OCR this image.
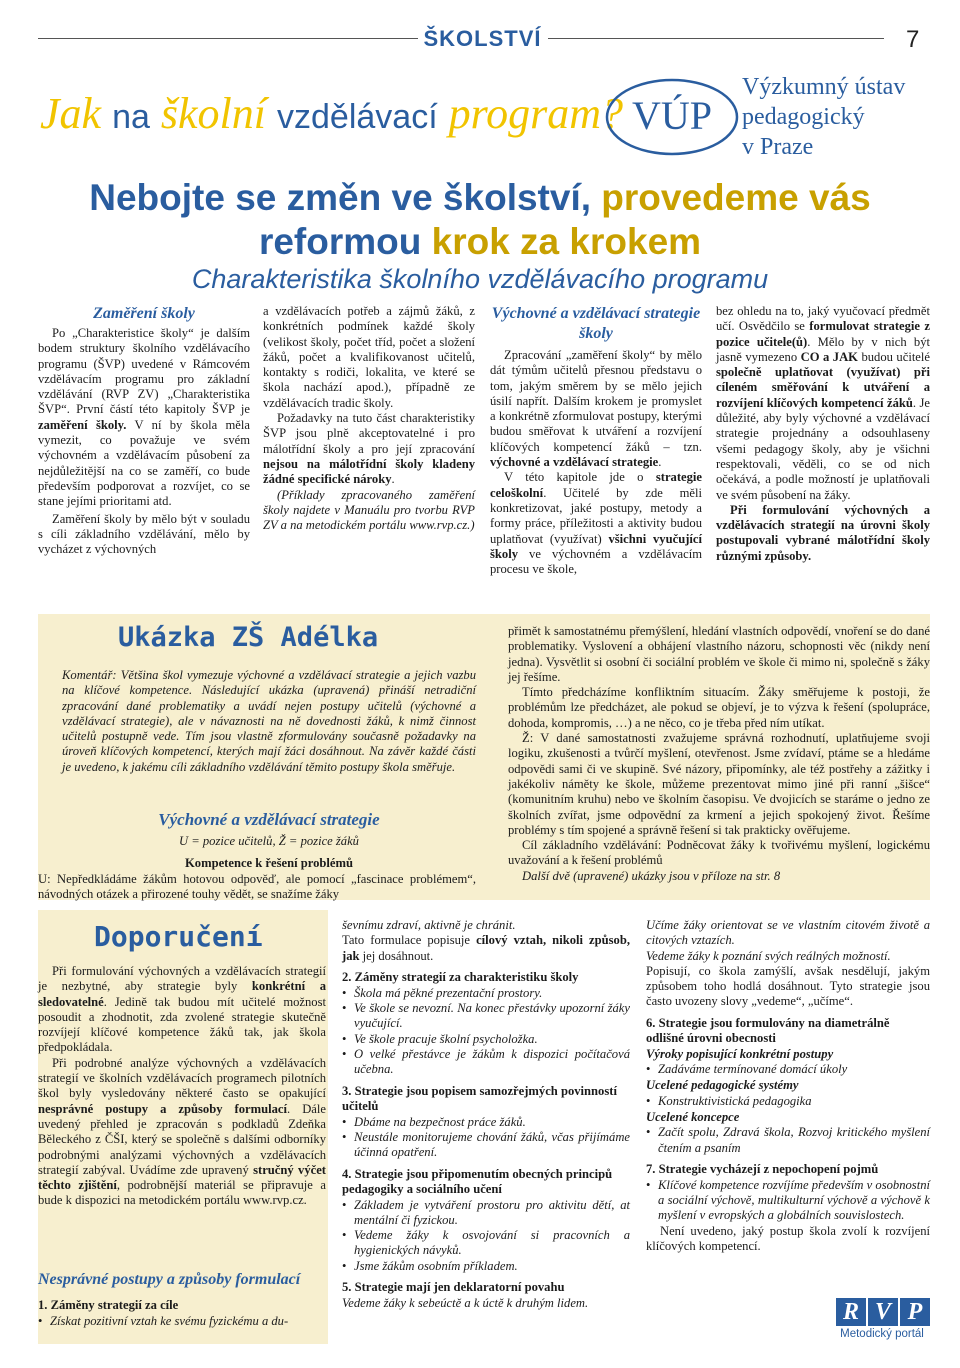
ŠKOLSTVÍ	7
Jak na školní vzdělávací program? VÚP
Výzkumný ústav
pedagogický
v Praze
Nebojte se změn ve školství, provedeme vás
reformou krok za krokem
Charakteristika školního vzdělávacího programu
Zaměření školy

Po „Charakteristice školy“ je dalším bodem struktury školního vzdělávacího programu (ŠVP) uvedené v Rámcovém vzdělávacím programu pro základní vzdělávání (RVP ZV) „Charakteristika ŠVP“. První částí této kapitoly ŠVP je zaměření školy. V ní by škola měla vymezit, co považuje ve svém výchovném a vzdělávacím působení za nejdůležitější na co se zaměří, co bude především podporovat a rozvíjet, co se stane jejími prioritami atd.

Zaměření školy by mělo být v souladu s cíli základního vzdělávání, mělo by vycházet z výchovných

a vzdělávacích potřeb a zájmů žáků, z konkrétních podmínek každé školy (velikost školy, počet tříd, počet a složení žáků, počet a kvalifikovanost učitelů, kontakty s rodiči, lokalita, ve které se škola nachází apod.), případně ze vzdělávacích tradic školy.

Požadavky na tuto část charakteristiky ŠVP jsou plně akceptovatelné i pro málotřídní školy a pro její zpracování nejsou na málotřídní školy kladeny žádné specifické nároky.

(Příklady zpracovaného zaměření školy najdete v Manuálu pro tvorbu RVP ZV a na metodickém portálu www.rvp.cz.)

Výchovné a vzdělávací strategie školy

Zpracování „zaměření školy“ by mělo dát týmům učitelů přesnou představu o tom, jakým směrem by se mělo jejich úsilí napřít. Dalším krokem je promyslet a konkrétně zformulovat postupy, kterými budou směřovat k utváření a rozvíjení klíčových kompetencí žáků – tzn. výchovné a vzdělávací strategie.

V této kapitole jde o strategie celoškolní. Učitelé by zde měli konkretizovat, jaké postupy, metody a formy práce, příležitosti a aktivity budou uplatňovat (využívat) všichni vyučující školy ve výchovném a vzdělávacím procesu ve škole,

bez ohledu na to, jaký vyučovací předmět učí. Osvědčilo se formulovat strategie z pozice učitele(ů). Mělo by v nich být jasně vymezeno CO a JAK budou učitelé společně uplatňovat (využívat) při cíleném směřování k utváření a rozvíjení klíčových kompetencí žáků. Je důležité, aby byly výchovné a vzdělávací strategie projednány a odsouhlaseny všemi pedagogy školy, aby je všichni respektovali, věděli, co se od nich očekává, a podle možností je uplatňovali ve svém působení na žáky.

Při formulování výchovných a vzdělávacích strategií na úrovni školy postupovali vybrané málotřídní školy různými způsoby.

Ukázka ZŠ Adélka
Komentář: Většina škol vymezuje výchovné a vzdělávací strategie a jejich vazbu na klíčové kompetence. Následující ukázka (upravená) přináší netradiční zpracování dané problematiky a uvádí nejen postupy učitelů (výchovné a vzdělávací strategie), ale v návaznosti na ně dovednosti žáků, k nimž činnost učitelů postupně vede. Tím jsou vlastně zformulovány současně požadavky na úroveň klíčových kompetencí, kterých mají žáci dosáhnout. Na závěr každé části je uvedeno, k jakému cíli základního vzdělávání těmito postupy škola směřuje.
Výchovné a vzdělávací strategie
U = pozice učitelů, Ž = pozice žáků
Kompetence k řešení problémů
U: Nepředkládáme žákům hotovou odpověď, ale pomocí „fascinace problémem“, návodných otázek a přirozené touhy vědět, se snažíme žáky

přimět k samostatnému přemýšlení, hledání vlastních odpovědí, vnoření se do dané problematiky. Vyslovení a obhájení vlastního názoru, schopnosti věc (nikdy není jedna). Vysvětlit si osobní či sociální problém ve škole či mimo ni, společně s žáky jej řešíme.

Tímto předcházíme konfliktním situacím. Žáky směřujeme k postoji, že problémům lze předcházet, ale pokud se objeví, je to výzva k řešení (spolupráce, dohoda, kompromis, …) a ne něco, co je třeba před ním utíkat.

Ž: V dané samostatnosti zvažujeme správná rozhodnutí, uplatňujeme svoji logiku, zkušenosti a tvůrčí myšlení, otevřenost. Jsme zvídaví, ptáme se a hledáme odpovědi sami či ve skupině. Své názory, připomínky, ale též postřehy a zážitky i jakékoliv náměty ke škole, můžeme prezentovat mimo jiné při ranní „šišce“ (komunitním kruhu) nebo ve školním časopisu. Ve dvojicích se staráme o jedno ze školních zvířat, jsme odpovědní za krmení a jejich spokojený život. Řešíme problémy s tím spojené a správně řešení si tak prakticky ověřujeme.

Cíl základního vzdělávání: Podněcovat žáky k tvořivému myšlení, logickému uvažování a k řešení problémů

Další dvě (upravené) ukázky jsou v příloze na str. 8

Doporučení

Při formulování výchovných a vzdělávacích strategií je nezbytné, aby strategie byly konkrétní a sledovatelné. Jedině tak budou mít učitelé možnost posoudit a zhodnotit, zda zvolené strategie skutečně rozvíjejí klíčové kompetence žáků tak, jak škola předpokládala.

Při podrobné analýze výchovných a vzdělávacích strategií ve školních vzdělávacích programech pilotních škol byly vysledovány některé často se opakující nesprávné postupy a způsoby formulací. Dále uvedený přehled je zpracován s podkladů Zdeňka Běleckého z ČŠI, který se společně s dalšími odborníky podrobnými analýzami výchovných a vzdělávacích strategií zabýval. Uvádíme zde upravený stručný výčet těchto zjištění, podrobnější materiál se připravuje a bude k dispozici na metodickém portálu www.rvp.cz.

Nesprávné postupy a způsoby formulací
1. Záměny strategií za cíle
• Získat pozitivní vztah ke svému fyzickému a du-
ševnímu zdraví, aktivně je chránit.

Tato formulace popisuje cílový vztah, nikoli způsob, jak jej dosáhnout.

2. Záměny strategií za charakteristiku školy
• Škola má pěkné prezentační prostory.
• Ve škole se nevozní. Na konec přestávky upozorní žáky vyučující.
• Ve škole pracuje školní psycholožka.
• O velké přestávce je žákům k dispozici počítačová učebna.
3. Strategie jsou popisem samozřejmých povinností učitelů
• Dbáme na bezpečnost práce žáků.
• Neustále monitorujeme chování žáků, včas přijímáme účinná opatření.
4. Strategie jsou připomenutím obecných principů pedagogiky a sociálního učení
• Základem je vytváření prostoru pro aktivitu dětí, at mentální či fyzickou.
• Vedeme žáky k osvojování si pracovních a hygienických návyků.
• Jsme žákům osobním příkladem.
5. Strategie mají jen deklaratorní povahu
Vedeme žáky k sebeúctě a k úctě k druhým lidem.
Učíme žáky orientovat se ve vlastním citovém životě a citových vztazích.
Vedeme žáky k poznání svých reálných možností.
Popisují, co škola zamýšlí, avšak nesdělují, jakým způsobem toho hodlá dosáhnout. Tyto strategie jsou často uvozeny slovy „vedeme“, „učíme“.
6. Strategie jsou formulovány na diametrálně odlišné úrovni obecnosti
Výroky popisující konkrétní postupy
• Zadáváme termínované domácí úkoly
Ucelené pedagogické systémy
• Konstruktivistická pedagogika
Ucelené koncepce
• Začít spolu, Zdravá škola, Rozvoj kritického myšlení čtením a psaním
7. Strategie vycházejí z nepochopení pojmů
• Klíčové kompetence rozvíjíme především v osobnostní a sociální výchově, multikulturní výchově a výchově k myšlení v evropských a globálních souvislostech.

Není uvedeno, jaký postup škola zvolí k rozvíjení klíčových kompetencí.

R V P
Metodický portál
